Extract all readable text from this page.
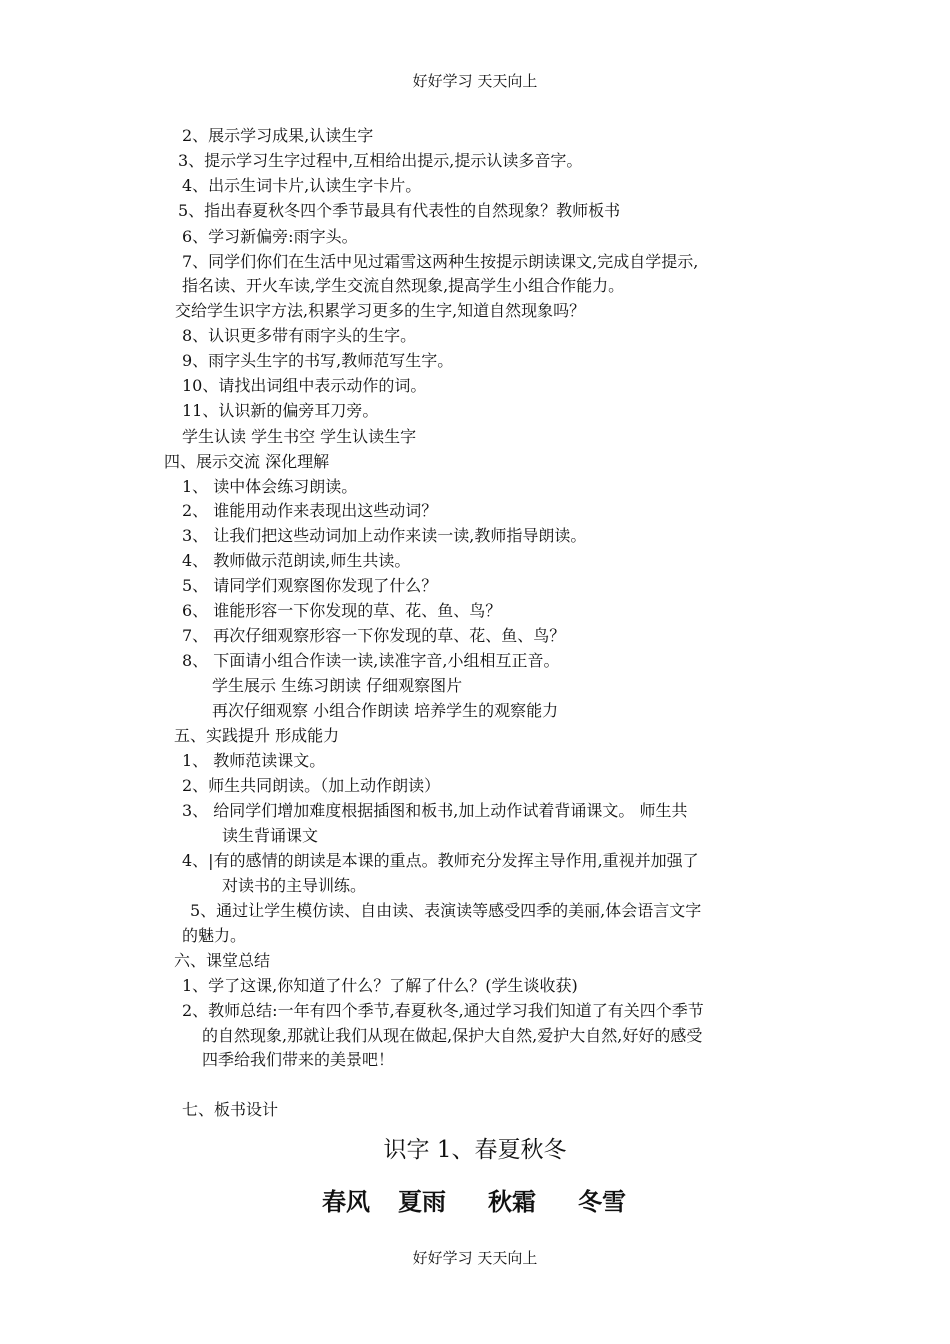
好好学习 天天向上
2、展示学习成果,认读生字
3、提示学习生字过程中,互相给出提示,提示认读多音字。
4、出示生词卡片,认读生字卡片。
5、指出春夏秋冬四个季节最具有代表性的自然现象？教师板书
6、学习新偏旁:雨字头。
7、同学们你们在生活中见过霜雪这两种生按提示朗读课文,完成自学提示,
指名读、开火车读,学生交流自然现象,提高学生小组合作能力。
交给学生识字方法,积累学习更多的生字,知道自然现象吗？
8、认识更多带有雨字头的生字。
9、雨字头生字的书写,教师范写生字。
10、请找出词组中表示动作的词。
11、认识新的偏旁耳刀旁。
学生认读 学生书空 学生认读生字
四、展示交流 深化理解
1、 读中体会练习朗读。
2、 谁能用动作来表现出这些动词？
3、 让我们把这些动词加上动作来读一读,教师指导朗读。
4、 教师做示范朗读,师生共读。
5、 请同学们观察图你发现了什么？
6、 谁能形容一下你发现的草、花、鱼、鸟？
7、 再次仔细观察形容一下你发现的草、花、鱼、鸟？
8、 下面请小组合作读一读,读准字音,小组相互正音。
学生展示 生练习朗读 仔细观察图片
再次仔细观察 小组合作朗读 培养学生的观察能力
五、实践提升 形成能力
1、 教师范读课文。
2、师生共同朗读。（加上动作朗读）
3、 给同学们增加难度根据插图和板书,加上动作试着背诵课文。 师生共
读生背诵课文
4、|有的感情的朗读是本课的重点。教师充分发挥主导作用,重视并加强了
对读书的主导训练。
5、通过让学生模仿读、自由读、表演读等感受四季的美丽,体会语言文字
的魅力。
六、课堂总结
1、学了这课,你知道了什么？了解了什么？(学生谈收获)
2、教师总结:一年有四个季节,春夏秋冬,通过学习我们知道了有关四个季节
的自然现象,那就让我们从现在做起,保护大自然,爱护大自然,好好的感受
四季给我们带来的美景吧！
七、板书设计
识字 1、春夏秋冬
春风 夏雨 秋霜 冬雪
好好学习 天天向上
